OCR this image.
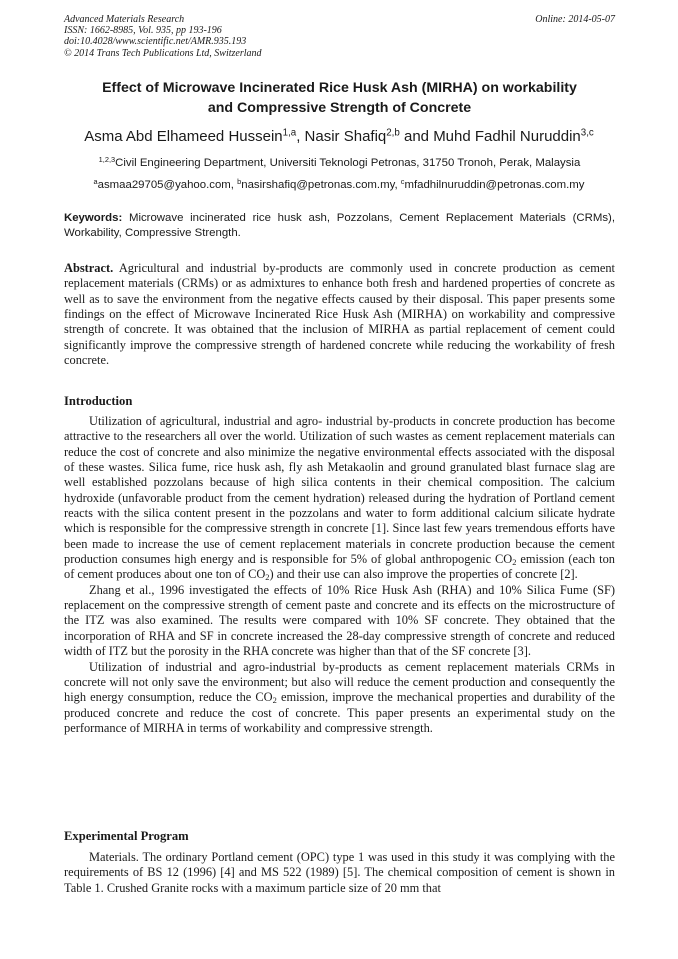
Advanced Materials Research
ISSN: 1662-8985, Vol. 935, pp 193-196
doi:10.4028/www.scientific.net/AMR.935.193
© 2014 Trans Tech Publications Ltd, Switzerland
Online: 2014-05-07
Effect of Microwave Incinerated Rice Husk Ash (MIRHA) on workability
and Compressive Strength of Concrete
Asma Abd Elhameed Hussein$^{1,a}$, Nasir Shafiq$^{2,b}$ and Muhd Fadhil Nuruddin$^{3,c}$
$^{1,2,3}$Civil Engineering Department, Universiti Teknologi Petronas, 31750 Tronoh, Perak, Malaysia
$^a$asmaa29705@yahoo.com, $^b$nasirshafiq@petronas.com.my, $^c$mfadhilnuruddin@petronas.com.my
Keywords: Microwave incinerated rice husk ash, Pozzolans, Cement Replacement Materials (CRMs), Workability, Compressive Strength.
Abstract. Agricultural and industrial by-products are commonly used in concrete production as cement replacement materials (CRMs) or as admixtures to enhance both fresh and hardened properties of concrete as well as to save the environment from the negative effects caused by their disposal. This paper presents some findings on the effect of Microwave Incinerated Rice Husk Ash (MIRHA) on workability and compressive strength of concrete. It was obtained that the inclusion of MIRHA as partial replacement of cement could significantly improve the compressive strength of hardened concrete while reducing the workability of fresh concrete.
Introduction

Utilization of agricultural, industrial and agro- industrial by-products in concrete production has become attractive to the researchers all over the world. Utilization of such wastes as cement replacement materials can reduce the cost of concrete and also minimize the negative environmental effects associated with the disposal of these wastes. Silica fume, rice husk ash, fly ash Metakaolin and ground granulated blast furnace slag are well established pozzolans because of high silica contents in their chemical composition. The calcium hydroxide (unfavorable product from the cement hydration) released during the hydration of Portland cement reacts with the silica content present in the pozzolans and water to form additional calcium silicate hydrate which is responsible for the compressive strength in concrete [1]. Since last few years tremendous efforts have been made to increase the use of cement replacement materials in concrete production because the cement production consumes high energy and is responsible for 5% of global anthropogenic $CO_2$ emission (each ton of cement produces about one ton of $CO_2$) and their use can also improve the properties of concrete [2].

Zhang et al., 1996 investigated the effects of 10% Rice Husk Ash (RHA) and 10% Silica Fume (SF) replacement on the compressive strength of cement paste and concrete and its effects on the microstructure of the ITZ was also examined. The results were compared with 10% SF concrete. They obtained that the incorporation of RHA and SF in concrete increased the 28-day compressive strength of concrete and reduced width of ITZ but the porosity in the RHA concrete was higher than that of the SF concrete [3].

Utilization of industrial and agro-industrial by-products as cement replacement materials CRMs in concrete will not only save the environment; but also will reduce the cement production and consequently the high energy consumption, reduce the $CO_2$ emission, improve the mechanical properties and durability of the produced concrete and reduce the cost of concrete. This paper presents an experimental study on the performance of MIRHA in terms of workability and compressive strength.

Experimental Program

Materials. The ordinary Portland cement (OPC) type 1 was used in this study it was complying with the requirements of BS 12 (1996) [4] and MS 522 (1989) [5]. The chemical composition of cement is shown in Table 1. Crushed Granite rocks with a maximum particle size of 20 mm that
